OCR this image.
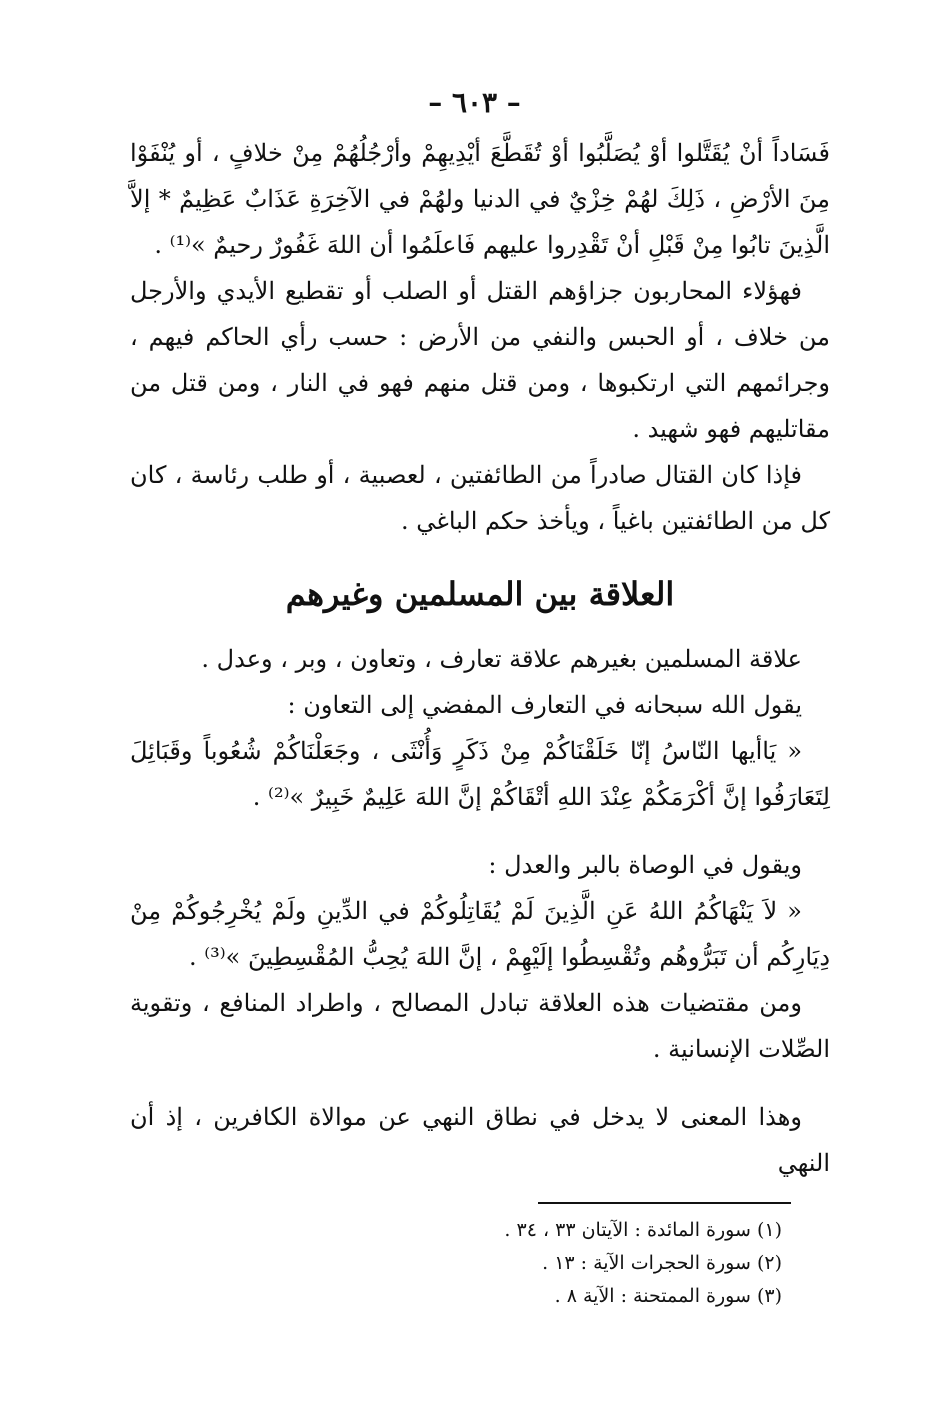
– ٦٠٣ –

فَسَاداً أنْ يُقَتَّلوا أوْ يُصَلَّبُوا أوْ تُقَطَّعَ أيْدِيهِمْ وأرْجُلُهُمْ مِنْ خلافٍ ، أو يُنْفَوْا مِنَ الأرْضِ ، ذَلِكَ لهُمْ خِزْيٌ في الدنيا ولهُمْ في الآخِرَةِ عَذَابٌ عَظِيمٌ * إلاَّ الَّذِينَ تابُوا مِنْ قَبْلِ أنْ تَقْدِروا عليهم فَاعلَمُوا أن اللهَ غَفُورٌ رحيمٌ »⁽¹⁾ .

فهؤلاء المحاربون جزاؤهم القتل أو الصلب أو تقطيع الأيدي والأرجل من خلاف ، أو الحبس والنفي من الأرض : حسب رأي الحاكم فيهم ، وجرائمهم التي ارتكبوها ، ومن قتل منهم فهو في النار ، ومن قتل من مقاتليهم فهو شهيد .

فإذا كان القتال صادراً من الطائفتين ، لعصبية ، أو طلب رئاسة ، كان كل من الطائفتين باغياً ، ويأخذ حكم الباغي .

العلاقة بين المسلمين وغيرهم

علاقة المسلمين بغيرهم علاقة تعارف ، وتعاون ، وبر ، وعدل .

يقول الله سبحانه في التعارف المفضي إلى التعاون :

« يَاأيها النّاسُ إنّا خَلَقْنَاكُمْ مِنْ ذَكَرٍ وَأُنْثَى ، وجَعَلْنَاكُمْ شُعُوباً وقَبَائِلَ لِتَعَارَفُوا إنَّ أكْرَمَكُمْ عِنْدَ اللهِ أتْقَاكُمْ إنَّ اللهَ عَلِيمٌ خَبِيرٌ »⁽²⁾ .

ويقول في الوصاة بالبر والعدل :

« لاَ يَنْهَاكُمُ اللهُ عَنِ الَّذِينَ لَمْ يُقَاتِلُوكُمْ في الدِّينِ ولَمْ يُخْرِجُوكُمْ مِنْ دِيَارِكُم أن تَبَرُّوهُم وتُقْسِطُوا إلَيْهِمْ ، إنَّ اللهَ يُحِبُّ المُقْسِطِينَ »⁽³⁾ .

ومن مقتضيات هذه العلاقة تبادل المصالح ، واطراد المنافع ، وتقوية الصِّلات الإنسانية .

وهذا المعنى لا يدخل في نطاق النهي عن موالاة الكافرين ، إذ أن النهي

(١) سورة المائدة : الآيتان ٣٣ ، ٣٤ .
(٢) سورة الحجرات الآية : ١٣ .
(٣) سورة الممتحنة : الآية ٨ .
